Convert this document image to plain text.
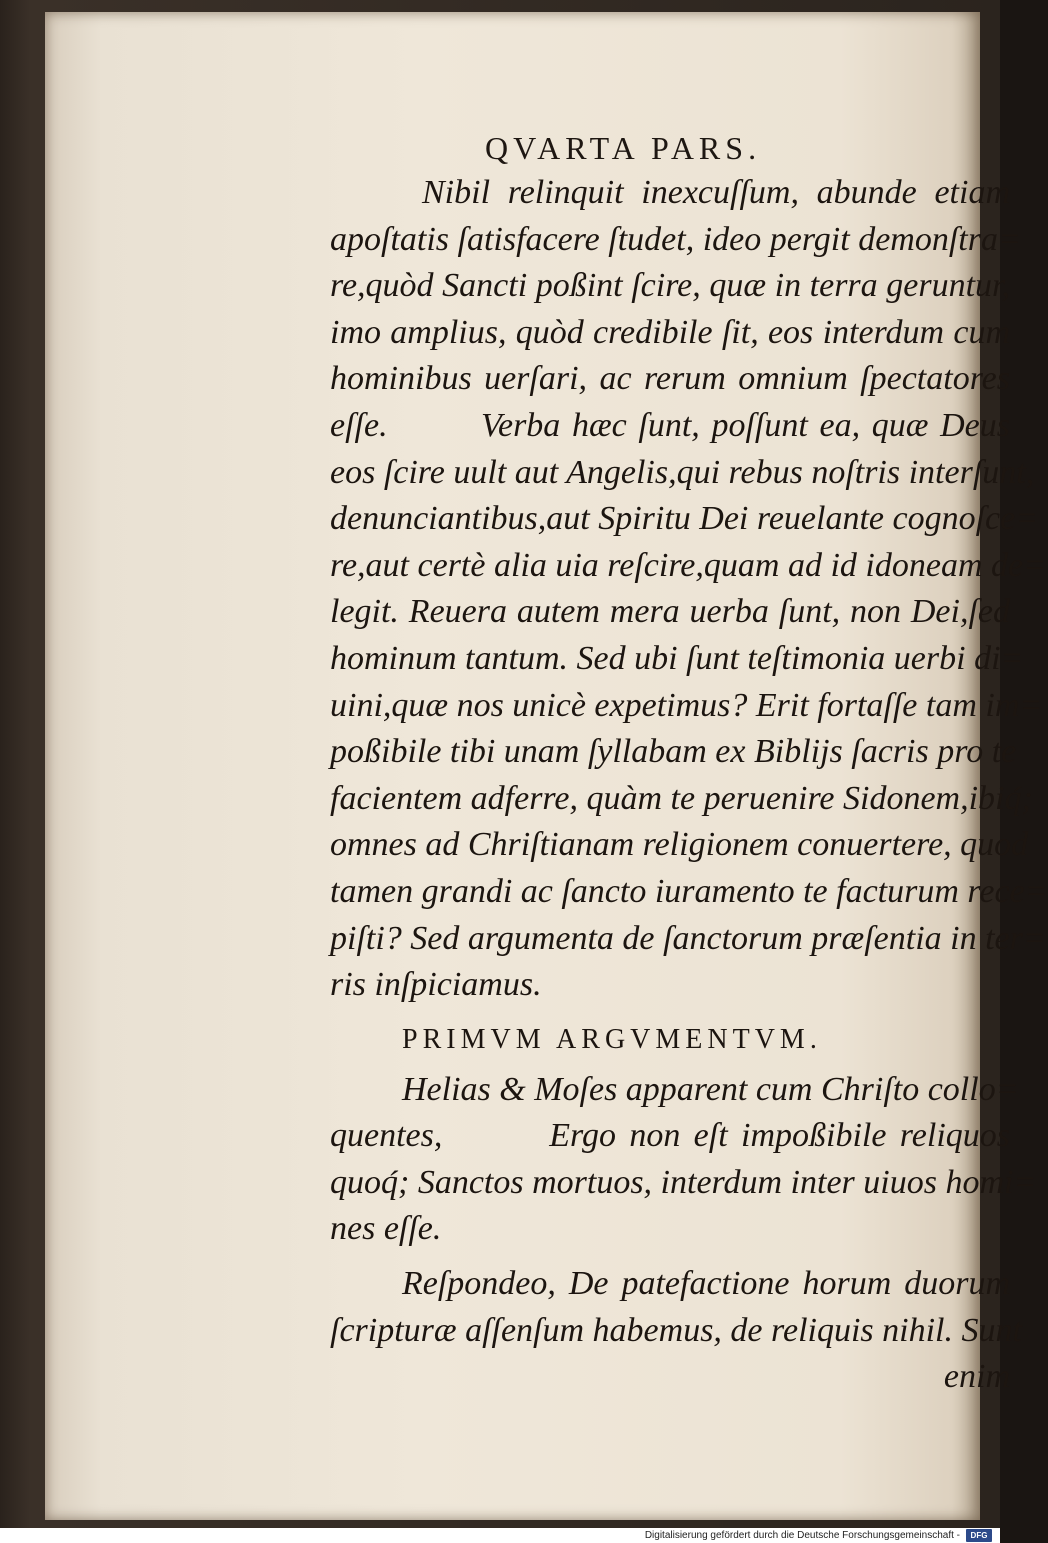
QVARTA PARS.
Nibil relinquit inexcuſſum, abunde etiam
apoſtatis ſatisfacere ſtudet, ideo pergit demonſtra=
re,quòd Sancti poßint ſcire, quæ in terra geruntur,
imo amplius, quòd credibile ſit, eos interdum cum
hominibus uerſari, ac rerum omnium ſpectatores
eſſe.        Verba hæc ſunt, poſſunt ea, quæ Deus
eos ſcire uult aut Angelis,qui rebus noſtris interſunt,
denunciantibus,aut Spiritu Dei reuelante cognoſce=
re,aut certè alia uia reſcire,quam ad id idoneam de=
legit. Reuera autem mera uerba ſunt, non Dei,ſed
hominum tantum. Sed ubi ſunt teſtimonia uerbi di=
uini,quæ nos unicè expetimus? Erit fortaſſe tam im=
poßibile tibi unam ſyllabam ex Biblijs ſacris pro te
facientem adferre, quàm te peruenire Sidonem,ibiq́;
omnes ad Chriſtianam religionem conuertere, quod
tamen grandi ac ſancto iuramento te facturum rece=
piſti? Sed argumenta de ſanctorum præſentia in ter=
ris inſpiciamus.
PRIMVM ARGVMENTVM.
Helias & Moſes apparent cum Chriſto collo=
quentes,        Ergo non eſt impoßibile reliquos
quoq́; Sanctos mortuos, interdum inter uiuos homi=
nes eſſe.
Reſpondeo, De patefactione horum duorum
ſcripturæ aſſenſum habemus, de reliquis nihil. Sunt
enim
Digitalisierung gefördert durch die Deutsche Forschungsgemeinschaft -	DFG
